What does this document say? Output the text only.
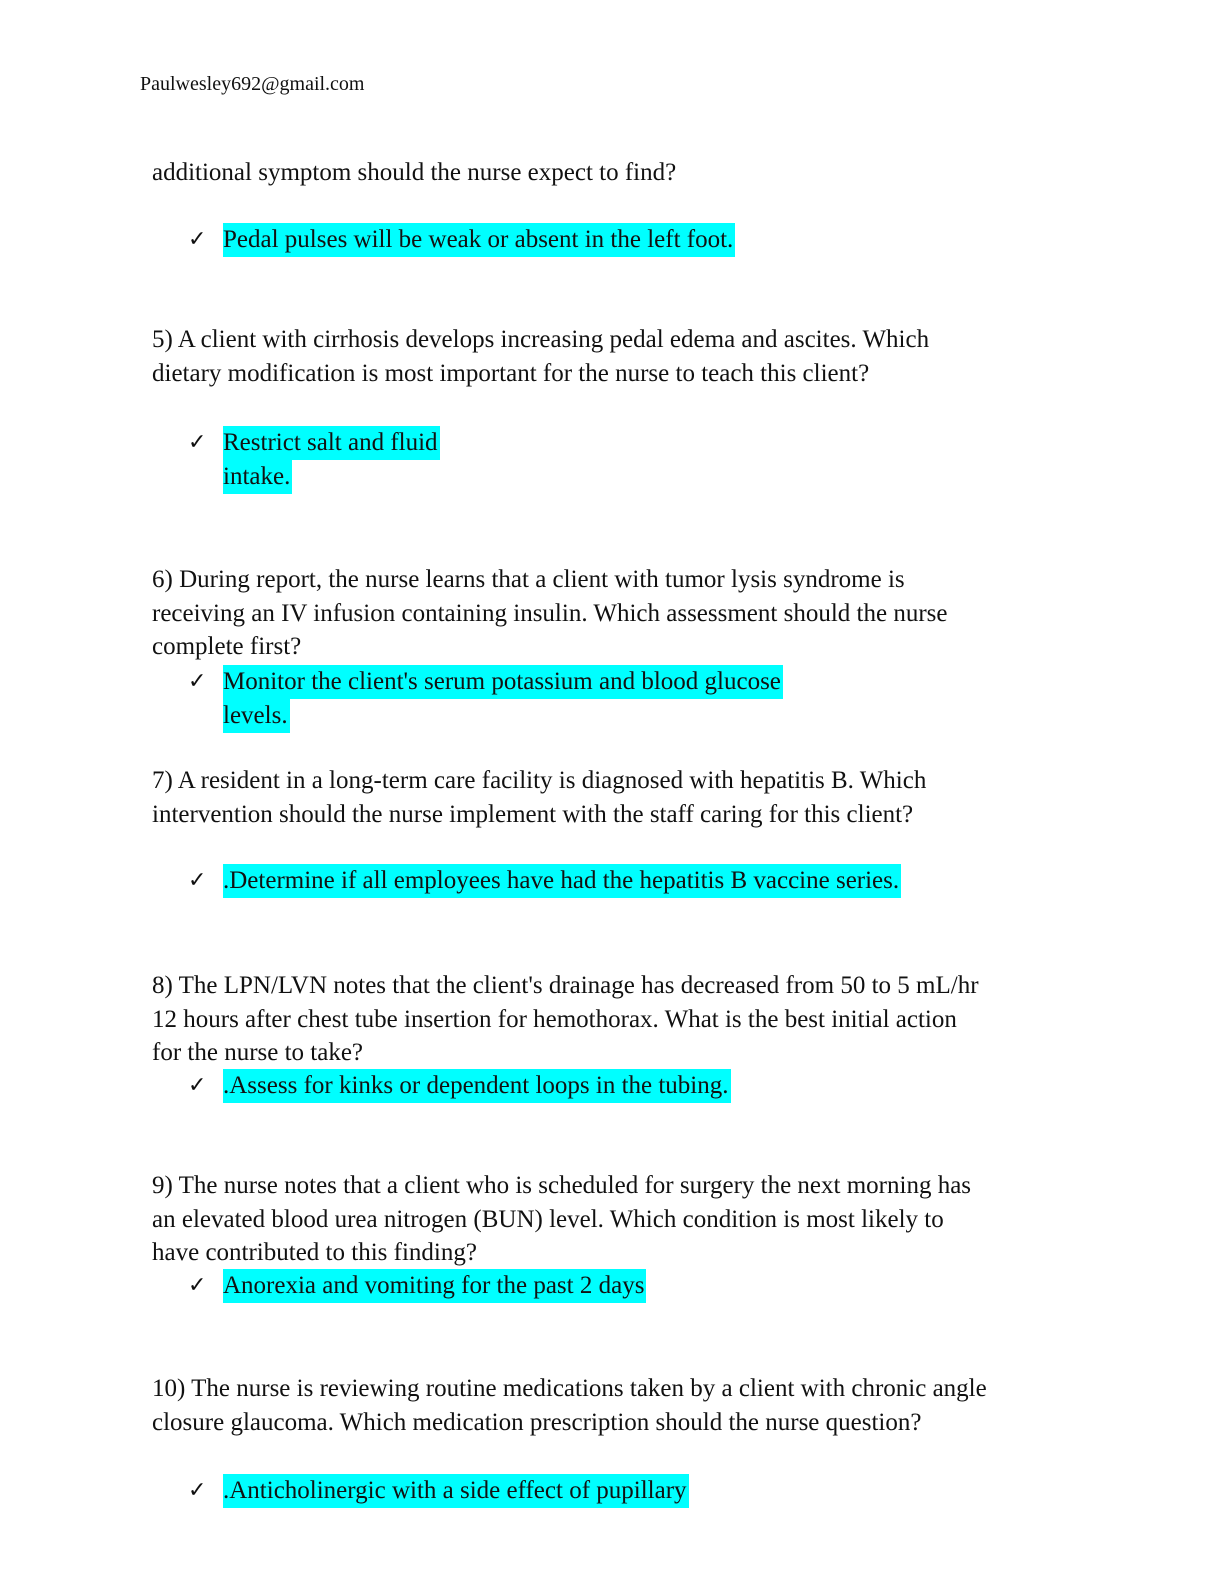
Paulwesley692@gmail.com
additional symptom should the nurse expect to find?
✓ Pedal pulses will be weak or absent in the left foot.
5) A client with cirrhosis develops increasing pedal edema and ascites. Which
dietary modification is most important for the nurse to teach this client?
✓ Restrict salt and fluid
intake.
6) During report, the nurse learns that a client with tumor lysis syndrome is
receiving an IV infusion containing insulin. Which assessment should the nurse
complete first?
✓ Monitor the client's serum potassium and blood glucose
levels.
7) A resident in a long-term care facility is diagnosed with hepatitis B. Which
intervention should the nurse implement with the staff caring for this client?
✓ .Determine if all employees have had the hepatitis B vaccine series.
8) The LPN/LVN notes that the client's drainage has decreased from 50 to 5 mL/hr
12 hours after chest tube insertion for hemothorax. What is the best initial action
for the nurse to take?
✓ .Assess for kinks or dependent loops in the tubing.
9) The nurse notes that a client who is scheduled for surgery the next morning has
an elevated blood urea nitrogen (BUN) level. Which condition is most likely to
have contributed to this finding?
✓ Anorexia and vomiting for the past 2 days
10) The nurse is reviewing routine medications taken by a client with chronic angle
closure glaucoma. Which medication prescription should the nurse question?
✓ .Anticholinergic with a side effect of pupillary
